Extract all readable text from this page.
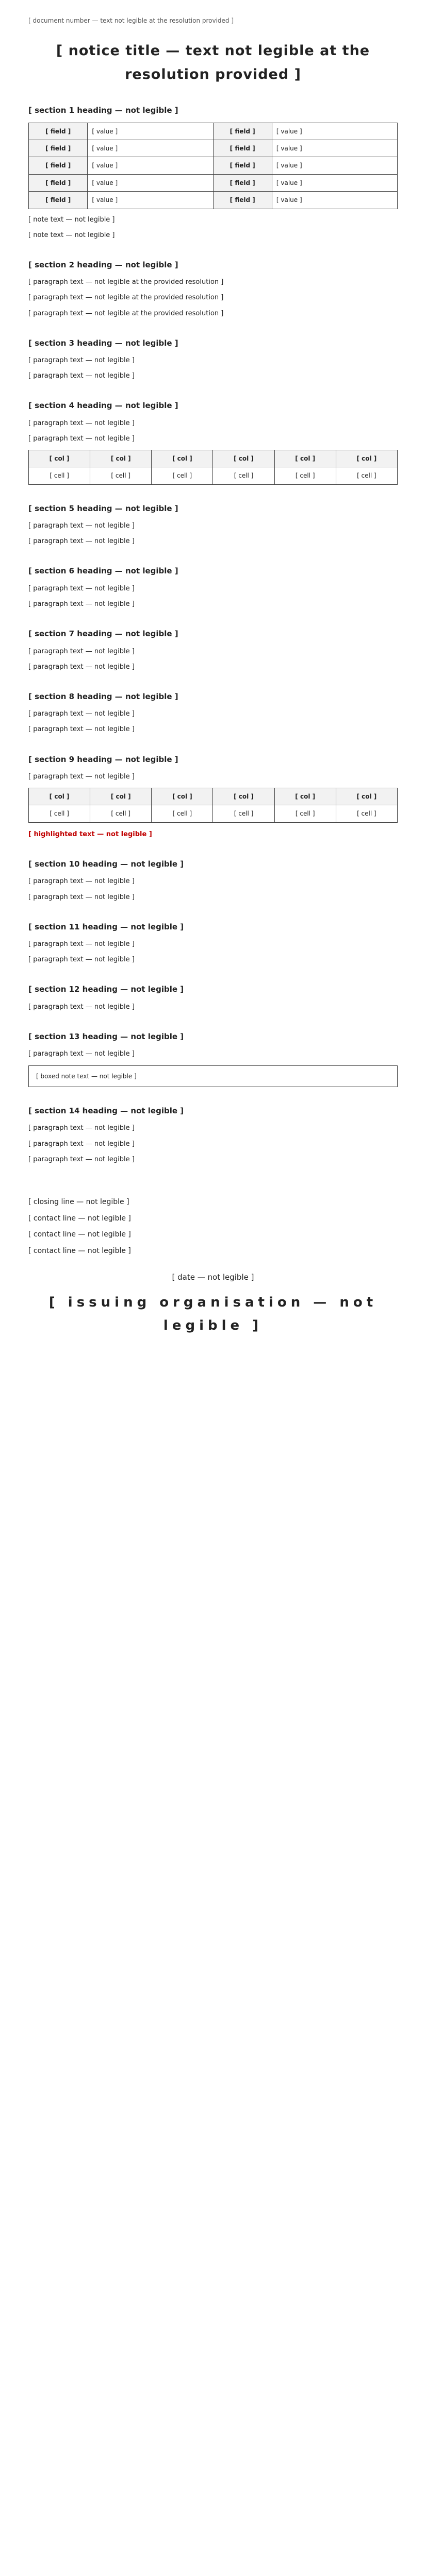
[ document number — text not legible at the resolution provided ]
[ notice title — text not legible at the resolution provided ]
[ section 1 heading — not legible ]
[ field ]	[ value ]	[ field ]	[ value ]
[ field ]	[ value ]	[ field ]	[ value ]
[ field ]	[ value ]	[ field ]	[ value ]
[ field ]	[ value ]	[ field ]	[ value ]
[ field ]	[ value ]	[ field ]	[ value ]

[ note text — not legible ]

[ note text — not legible ]

[ section 2 heading — not legible ]

[ paragraph text — not legible at the provided resolution ]

[ paragraph text — not legible at the provided resolution ]

[ paragraph text — not legible at the provided resolution ]

[ section 3 heading — not legible ]

[ paragraph text — not legible ]

[ paragraph text — not legible ]

[ section 4 heading — not legible ]

[ paragraph text — not legible ]

[ paragraph text — not legible ]

[ col ]	[ col ]	[ col ]	[ col ]	[ col ]	[ col ]
[ cell ]	[ cell ]	[ cell ]	[ cell ]	[ cell ]	[ cell ]
[ section 5 heading — not legible ]

[ paragraph text — not legible ]

[ paragraph text — not legible ]

[ section 6 heading — not legible ]

[ paragraph text — not legible ]

[ paragraph text — not legible ]

[ section 7 heading — not legible ]

[ paragraph text — not legible ]

[ paragraph text — not legible ]

[ section 8 heading — not legible ]

[ paragraph text — not legible ]

[ paragraph text — not legible ]

[ section 9 heading — not legible ]

[ paragraph text — not legible ]

[ col ]	[ col ]	[ col ]	[ col ]	[ col ]	[ col ]
[ cell ]	[ cell ]	[ cell ]	[ cell ]	[ cell ]	[ cell ]

[ highlighted text — not legible ]

[ section 10 heading — not legible ]

[ paragraph text — not legible ]

[ paragraph text — not legible ]

[ section 11 heading — not legible ]

[ paragraph text — not legible ]

[ paragraph text — not legible ]

[ section 12 heading — not legible ]

[ paragraph text — not legible ]

[ section 13 heading — not legible ]

[ paragraph text — not legible ]

[ boxed note text — not legible ]
[ section 14 heading — not legible ]

[ paragraph text — not legible ]

[ paragraph text — not legible ]

[ paragraph text — not legible ]

[ closing line — not legible ]

[ contact line — not legible ]

[ contact line — not legible ]

[ contact line — not legible ]

[ date — not legible ]
[ issuing organisation — not legible ]
